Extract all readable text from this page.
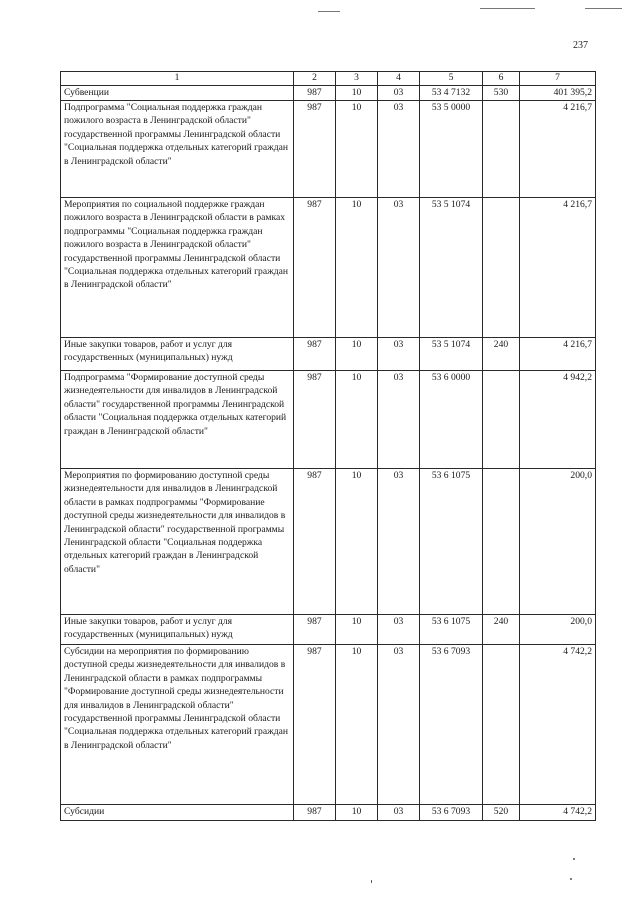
237
1	2	3	4	5	6	7
Субвенции	987	10	03	53 4 7132	530	401 395,2
Подпрограмма "Социальная поддержка граждан пожилого возраста в Ленинградской области" государственной программы Ленинградской области "Социальная поддержка отдельных категорий граждан в Ленинградской области"	987	10	03	53 5 0000		4 216,7
Мероприятия по социальной поддержке граждан пожилого возраста в Ленинградской области в рамках подпрограммы "Социальная поддержка граждан пожилого возраста в Ленинградской области" государственной программы Ленинградской области "Социальная поддержка отдельных категорий граждан в Ленинградской области"	987	10	03	53 5 1074		4 216,7
Иные закупки товаров, работ и услуг для государственных (муниципальных) нужд	987	10	03	53 5 1074	240	4 216,7
Подпрограмма "Формирование доступной среды жизнедеятельности для инвалидов в Ленинградской области" государственной программы Ленинградской области "Социальная поддержка отдельных категорий граждан в Ленинградской области"	987	10	03	53 6 0000		4 942,2
Мероприятия по формированию доступной среды жизнедеятельности для инвалидов в Ленинградской области в рамках подпрограммы "Формирование доступной среды жизнедеятельности для инвалидов в Ленинградской области" государственной программы Ленинградской области "Социальная поддержка отдельных категорий граждан в Ленинградской области"	987	10	03	53 6 1075		200,0
Иные закупки товаров, работ и услуг для государственных (муниципальных) нужд	987	10	03	53 6 1075	240	200,0
Субсидии на мероприятия по формированию доступной среды жизнедеятельности для инвалидов в Ленинградской области в рамках подпрограммы "Формирование доступной среды жизнедеятельности для инвалидов в Ленинградской области" государственной программы Ленинградской области "Социальная поддержка отдельных категорий граждан в Ленинградской области"	987	10	03	53 6 7093		4 742,2
Субсидии	987	10	03	53 6 7093	520	4 742,2
